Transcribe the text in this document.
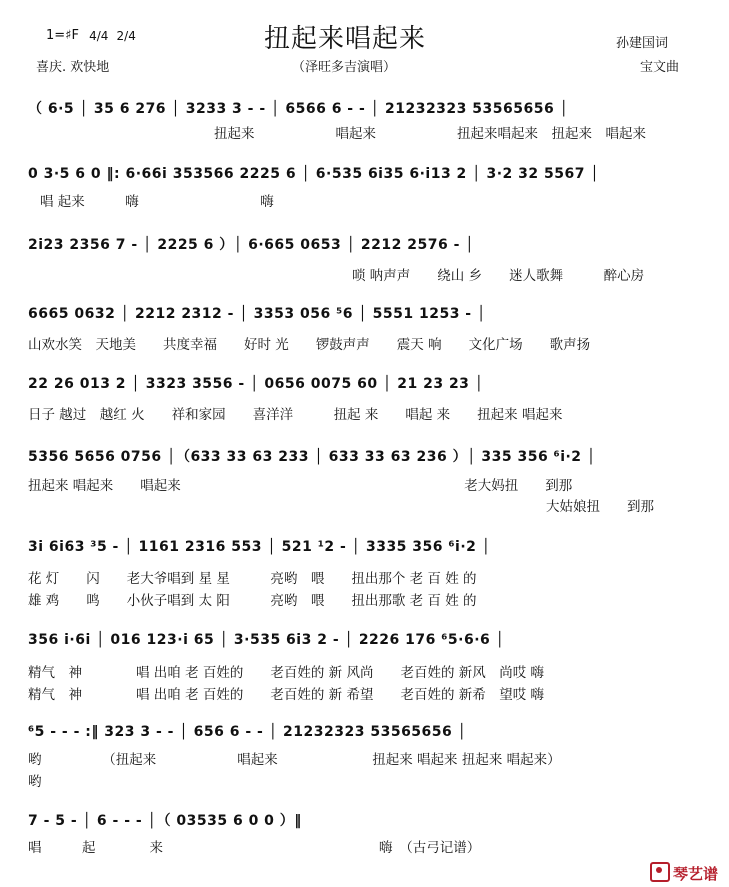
扭起来唱起来
1=♯F 4/4 2/4
喜庆. 欢快地	（泽旺多吉演唱）
孙建国词
宝文曲
（ 6·5 │ 35 6 276 │ 3233 3 - - │ 6566 6 - - │ 21232323 53565656 │
扭起来　　　　　　唱起来　　　　　　扭起来唱起来　扭起来　唱起来
0 3·5 6 0 ‖: 6·66i 353566 2225 6 │ 6·535 6i35 6·i13 2 │ 3·2 32 5567 │
唱 起来　　　嗨　　　　　　　　　嗨
2i23 2356 7 - │ 2225 6 ）│ 6·665 0653 │ 2212 2576 - │
唢 呐声声　　绕山 乡　　迷人歌舞　　　醉心房
6665 0632 │ 2212 2312 - │ 3353 056 ⁵6 │ 5551 1253 - │
山欢水笑　天地美　　共度幸福　　好时 光　　锣鼓声声　　震天 响　　文化广场　　歌声扬
22 26 013 2 │ 3323 3556 - │ 0656 0075 60 │ 21 23 23 │
日子 越过　越红 火　　祥和家园　　喜洋洋　　　扭起 来　　唱起 来　　扭起来 唱起来
5356 5656 0756 │（633 33 63 233 │ 633 33 63 236 ）│ 335 356 ⁶i·2 │
扭起来 唱起来　　唱起来　　　　　　　　　　　　　　　　　　　　　老大妈扭　　到那
大姑娘扭　　到那
3i 6i63 ³5 - │ 1161 2316 553 │ 521 ¹2 - │ 3335 356 ⁶i·2 │
花 灯　　闪　　老大爷唱到 星 星　　　亮哟　喂　　扭出那个 老 百 姓 的
雄 鸡　　鸣　　小伙子唱到 太 阳　　　亮哟　喂　　扭出那歌 老 百 姓 的
356 i·6i │ 016 123·i 65 │ 3·535 6i3 2 - │ 2226 176 ⁶5·6·6 │
精气　神　　　　唱 出咱 老 百姓的　　老百姓的 新 风尚　　老百姓的 新风　尚哎 嗨
精气　神　　　　唱 出咱 老 百姓的　　老百姓的 新 希望　　老百姓的 新希　望哎 嗨
⁶5 - - - :‖ 323 3 - - │ 656 6 - - │ 21232323 53565656 │
哟　　　　　（扭起来　　　　　　唱起来　　　　　　　扭起来 唱起来 扭起来 唱起来）
哟
7 - 5 - │ 6 - - - │（ 03535 6 0 0 ）‖
唱　　　起　　　　来　　　　　　　　　　　　　　　　嗨　（古弓记谱）
琴艺谱
